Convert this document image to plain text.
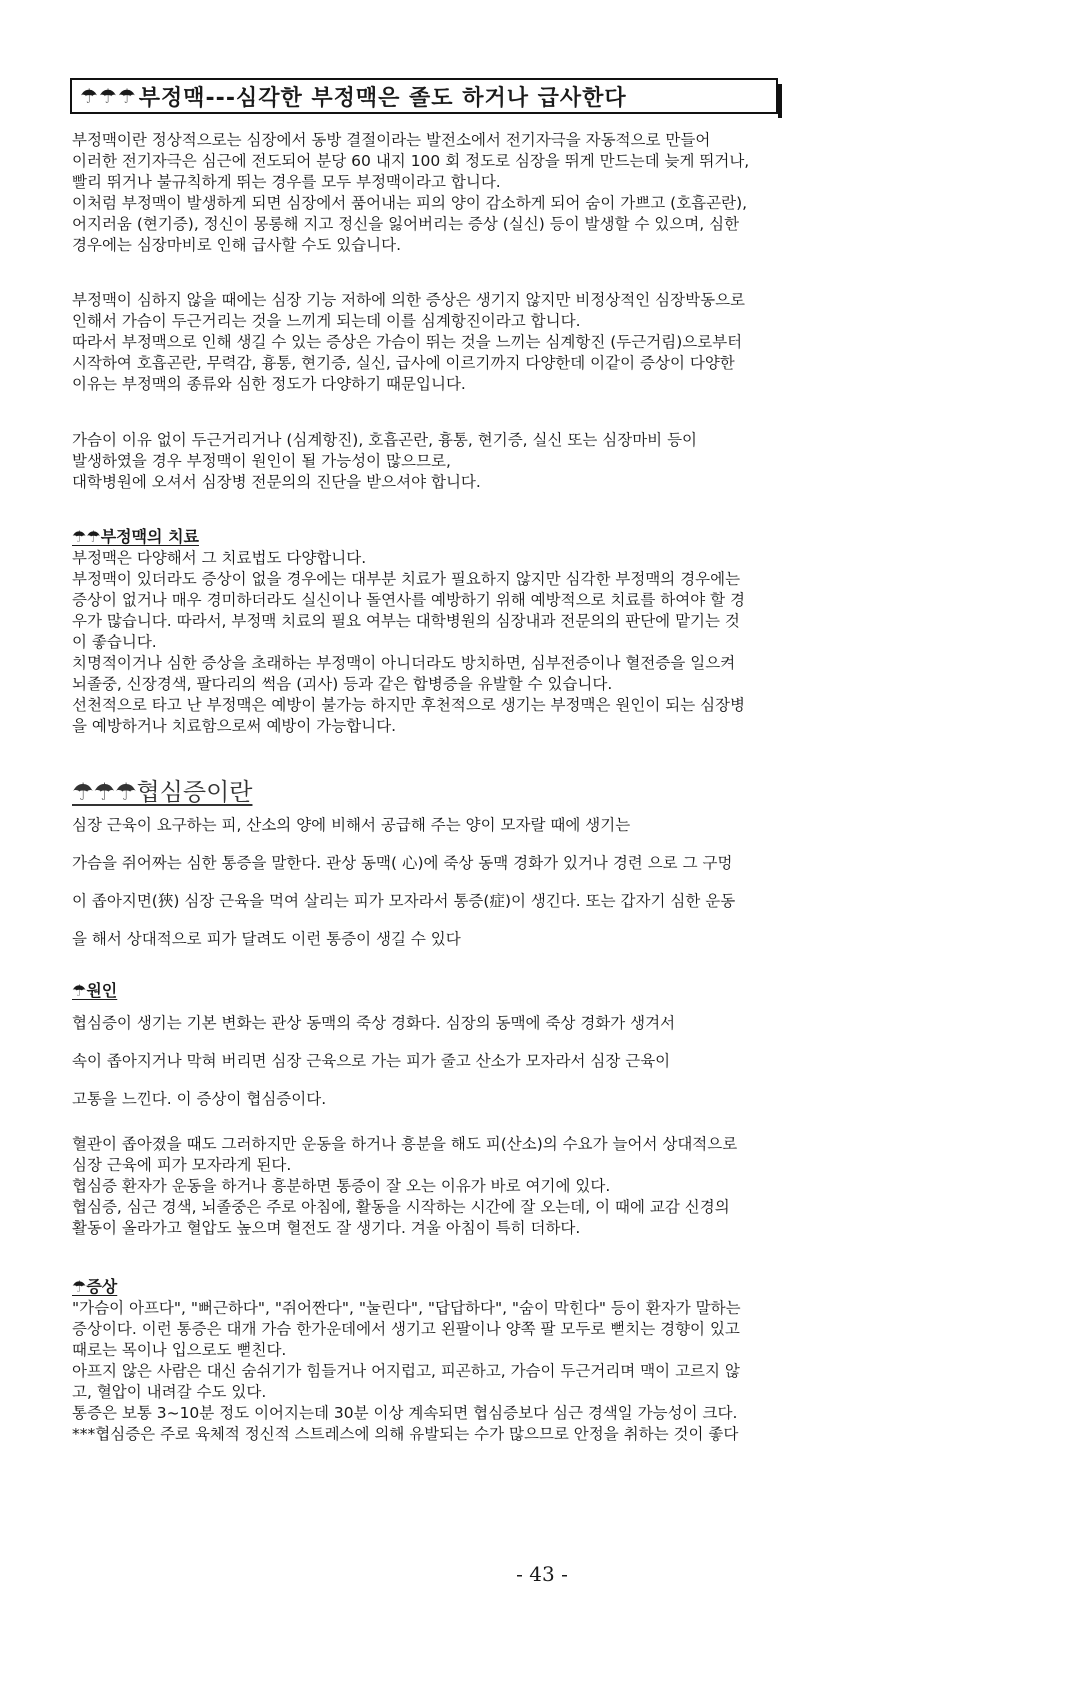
☂☂☂ 부정맥---심각한 부정맥은 졸도 하거나 급사한다
부정맥이란 정상적으로는 심장에서 동방 결절이라는 발전소에서 전기자극을 자동적으로 만들어
이러한 전기자극은 심근에 전도되어 분당 60 내지 100 회 정도로 심장을 뛰게 만드는데 늦게 뛰거나,
빨리 뛰거나 불규칙하게 뛰는 경우를 모두 부정맥이라고 합니다.
이처럼 부정맥이 발생하게 되면 심장에서 품어내는 피의 양이 감소하게 되어 숨이 가쁘고 (호흡곤란),
어지러움 (현기증), 정신이 몽롱해 지고 정신을 잃어버리는 증상 (실신) 등이 발생할 수 있으며, 심한
경우에는 심장마비로 인해 급사할 수도 있습니다.
부정맥이 심하지 않을 때에는 심장 기능 저하에 의한 증상은 생기지 않지만 비정상적인 심장박동으로
인해서 가슴이 두근거리는 것을 느끼게 되는데 이를 심계항진이라고 합니다.
따라서 부정맥으로 인해 생길 수 있는 증상은 가슴이 뛰는 것을 느끼는 심계항진 (두근거림)으로부터
시작하여 호흡곤란, 무력감, 흉통, 현기증, 실신, 급사에 이르기까지 다양한데 이같이 증상이 다양한
이유는 부정맥의 종류와 심한 정도가 다양하기 때문입니다.
가슴이 이유 없이 두근거리거나 (심계항진), 호흡곤란, 흉통, 현기증, 실신 또는 심장마비 등이
발생하였을 경우 부정맥이 원인이 될 가능성이 많으므로,
대학병원에 오셔서 심장병 전문의의 진단을 받으셔야 합니다.
☂☂부정맥의 치료
부정맥은 다양해서 그 치료법도 다양합니다.
부정맥이 있더라도 증상이 없을 경우에는 대부분 치료가 필요하지 않지만 심각한 부정맥의 경우에는
증상이 없거나 매우 경미하더라도 실신이나 돌연사를 예방하기 위해 예방적으로 치료를 하여야 할 경
우가 많습니다. 따라서, 부정맥 치료의 필요 여부는 대학병원의 심장내과 전문의의 판단에 맡기는 것
이 좋습니다.
치명적이거나 심한 증상을 초래하는 부정맥이 아니더라도 방치하면, 심부전증이나 혈전증을 일으켜
뇌졸중, 신장경색, 팔다리의 썩음 (괴사) 등과 같은 합병증을 유발할 수 있습니다.
선천적으로 타고 난 부정맥은 예방이 불가능 하지만 후천적으로 생기는 부정맥은 원인이 되는 심장병
을 예방하거나 치료함으로써 예방이 가능합니다.
☂☂☂협심증이란
심장 근육이 요구하는 피, 산소의 양에 비해서 공급해 주는 양이 모자랄 때에 생기는
가슴을 쥐어짜는 심한 통증을 말한다. 관상 동맥( 心)에 죽상 동맥 경화가 있거나 경련 으로 그 구멍
이 좁아지면(狹) 심장 근육을 먹여 살리는 피가 모자라서 통증(症)이 생긴다. 또는 갑자기 심한 운동
을 해서 상대적으로 피가 달려도 이런 통증이 생길 수 있다
☂원인
협심증이 생기는 기본 변화는 관상 동맥의 죽상 경화다. 심장의 동맥에 죽상 경화가 생겨서
속이 좁아지거나 막혀 버리면 심장 근육으로 가는 피가 줄고 산소가 모자라서 심장 근육이
고통을 느낀다. 이 증상이 협심증이다.
혈관이 좁아졌을 때도 그러하지만 운동을 하거나 흥분을 해도 피(산소)의 수요가 늘어서 상대적으로
심장 근육에 피가 모자라게 된다.
협심증 환자가 운동을 하거나 흥분하면 통증이 잘 오는 이유가 바로 여기에 있다.
협심증, 심근 경색, 뇌졸중은 주로 아침에, 활동을 시작하는 시간에 잘 오는데, 이 때에 교감 신경의
활동이 올라가고 혈압도 높으며 혈전도 잘 생기다. 겨울 아침이 특히 더하다.
☂증상
"가슴이 아프다", "뻐근하다", "쥐어짠다", "눌린다", "답답하다", "숨이 막힌다" 등이 환자가 말하는
증상이다. 이런 통증은 대개 가슴 한가운데에서 생기고 왼팔이나 양쪽 팔 모두로 뻗치는 경향이 있고
때로는 목이나 입으로도 뻗친다.
아프지 않은 사람은 대신 숨쉬기가 힘들거나 어지럽고, 피곤하고, 가슴이 두근거리며 맥이 고르지 않
고, 혈압이 내려갈 수도 있다.
통증은 보통 3~10분 정도 이어지는데 30분 이상 계속되면 협심증보다 심근 경색일 가능성이 크다.
***협심증은 주로 육체적 정신적 스트레스에 의해 유발되는 수가 많으므로 안정을 취하는 것이 좋다
- 43 -
